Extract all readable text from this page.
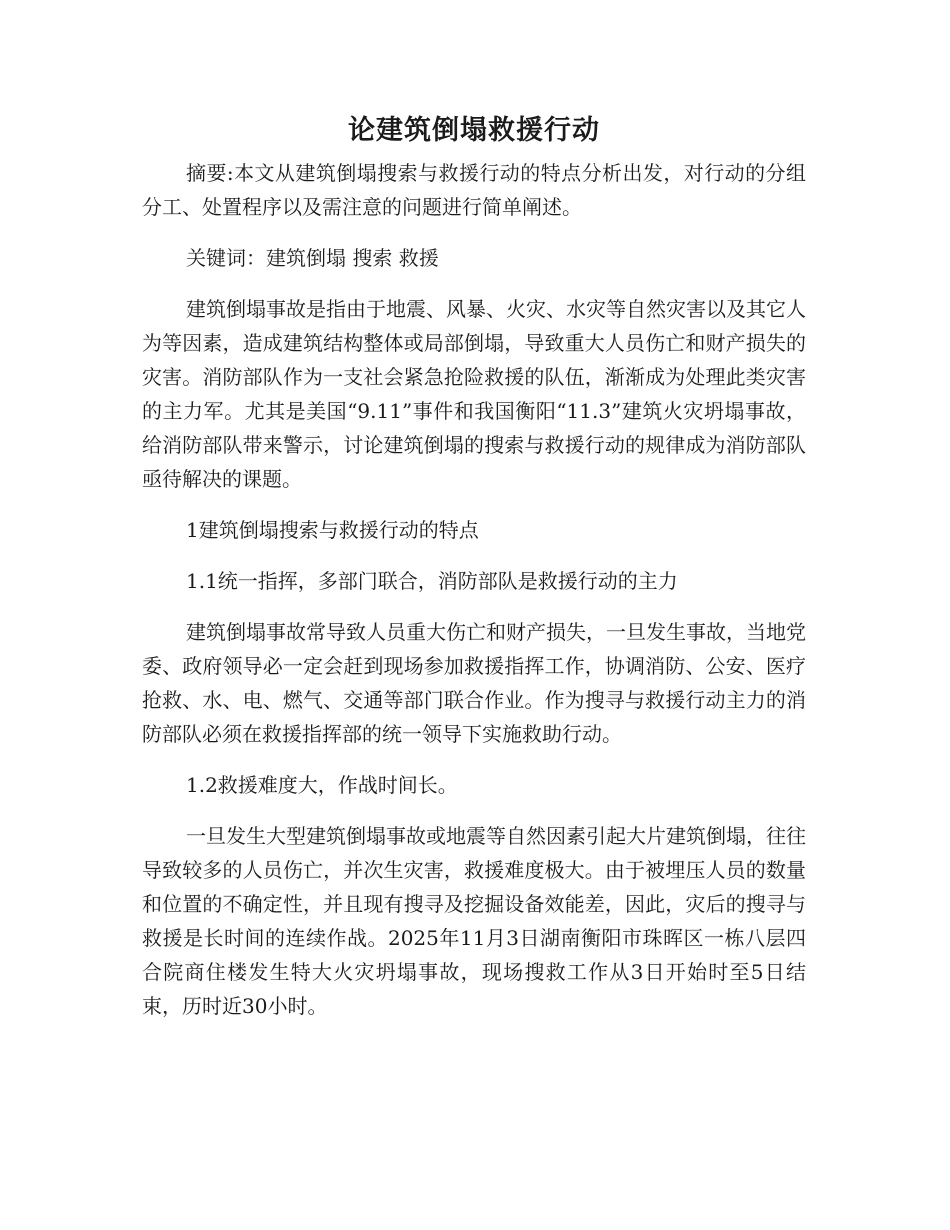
论建筑倒塌救援行动

摘要:本文从建筑倒塌搜索与救援行动的特点分析出发，对行动的分组分工、处置程序以及需注意的问题进行简单阐述。

关键词：建筑倒塌 搜索 救援

建筑倒塌事故是指由于地震、风暴、火灾、水灾等自然灾害以及其它人为等因素，造成建筑结构整体或局部倒塌，导致重大人员伤亡和财产损失的灾害。消防部队作为一支社会紧急抢险救援的队伍，渐渐成为处理此类灾害的主力军。尤其是美国“9.11”事件和我国衡阳“11.3”建筑火灾坍塌事故，给消防部队带来警示，讨论建筑倒塌的搜索与救援行动的规律成为消防部队亟待解决的课题。

1建筑倒塌搜索与救援行动的特点

1.1统一指挥，多部门联合，消防部队是救援行动的主力

建筑倒塌事故常导致人员重大伤亡和财产损失，一旦发生事故，当地党委、政府领导必一定会赶到现场参加救援指挥工作，协调消防、公安、医疗抢救、水、电、燃气、交通等部门联合作业。作为搜寻与救援行动主力的消防部队必须在救援指挥部的统一领导下实施救助行动。

1.2救援难度大，作战时间长。

一旦发生大型建筑倒塌事故或地震等自然因素引起大片建筑倒塌，往往导致较多的人员伤亡，并次生灾害，救援难度极大。由于被埋压人员的数量和位置的不确定性，并且现有搜寻及挖掘设备效能差，因此，灾后的搜寻与救援是长时间的连续作战。2025年11月3日湖南衡阳市珠晖区一栋八层四合院商住楼发生特大火灾坍塌事故，现场搜救工作从3日开始时至5日结束，历时近30小时。
